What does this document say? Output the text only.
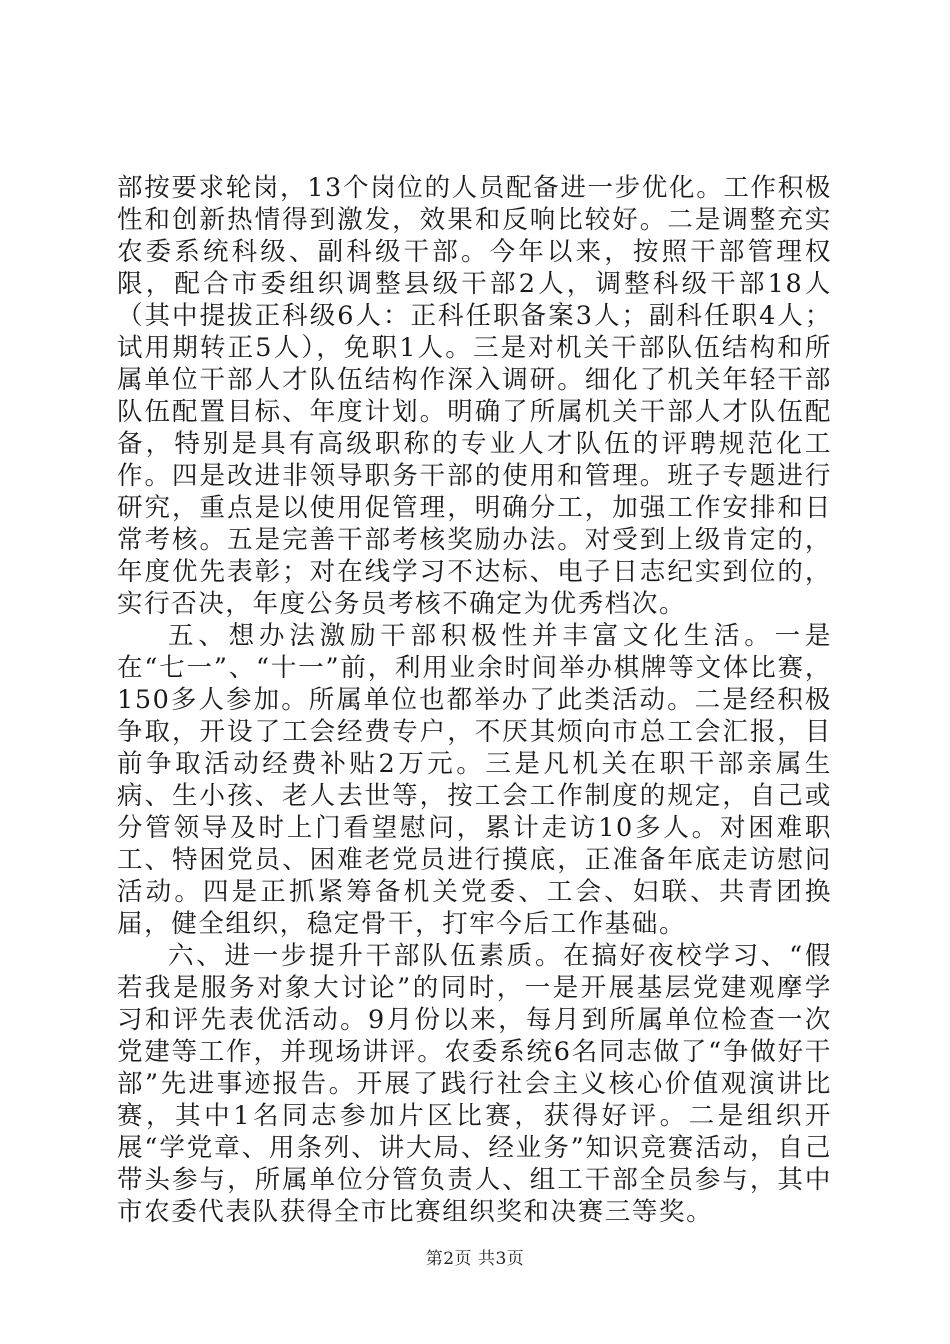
部按要求轮岗，13个岗位的人员配备进一步优化。工作积极性和创新热情得到激发，效果和反响比较好。二是调整充实农委系统科级、副科级干部。今年以来，按照干部管理权限，配合市委组织调整县级干部2人，调整科级干部18人（其中提拔正科级6人：正科任职备案3人；副科任职4人；试用期转正5人），免职1人。三是对机关干部队伍结构和所属单位干部人才队伍结构作深入调研。细化了机关年轻干部队伍配置目标、年度计划。明确了所属机关干部人才队伍配备，特别是具有高级职称的专业人才队伍的评聘规范化工作。四是改进非领导职务干部的使用和管理。班子专题进行研究，重点是以使用促管理，明确分工，加强工作安排和日常考核。五是完善干部考核奖励办法。对受到上级肯定的，年度优先表彰；对在线学习不达标、电子日志纪实到位的，实行否决，年度公务员考核不确定为优秀档次。

五、想办法激励干部积极性并丰富文化生活。一是在“七一”、“十一”前，利用业余时间举办棋牌等文体比赛，150多人参加。所属单位也都举办了此类活动。二是经积极争取，开设了工会经费专户，不厌其烦向市总工会汇报，目前争取活动经费补贴2万元。三是凡机关在职干部亲属生病、生小孩、老人去世等，按工会工作制度的规定，自己或分管领导及时上门看望慰问，累计走访10多人。对困难职工、特困党员、困难老党员进行摸底，正准备年底走访慰问活动。四是正抓紧筹备机关党委、工会、妇联、共青团换届，健全组织，稳定骨干，打牢今后工作基础。

六、进一步提升干部队伍素质。在搞好夜校学习、“假若我是服务对象大讨论”的同时，一是开展基层党建观摩学习和评先表优活动。9月份以来，每月到所属单位检查一次党建等工作，并现场讲评。农委系统6名同志做了“争做好干部”先进事迹报告。开展了践行社会主义核心价值观演讲比赛，其中1名同志参加片区比赛，获得好评。二是组织开展“学党章、用条列、讲大局、经业务”知识竞赛活动，自己带头参与，所属单位分管负责人、组工干部全员参与，其中市农委代表队获得全市比赛组织奖和决赛三等奖。

第2页 共3页
